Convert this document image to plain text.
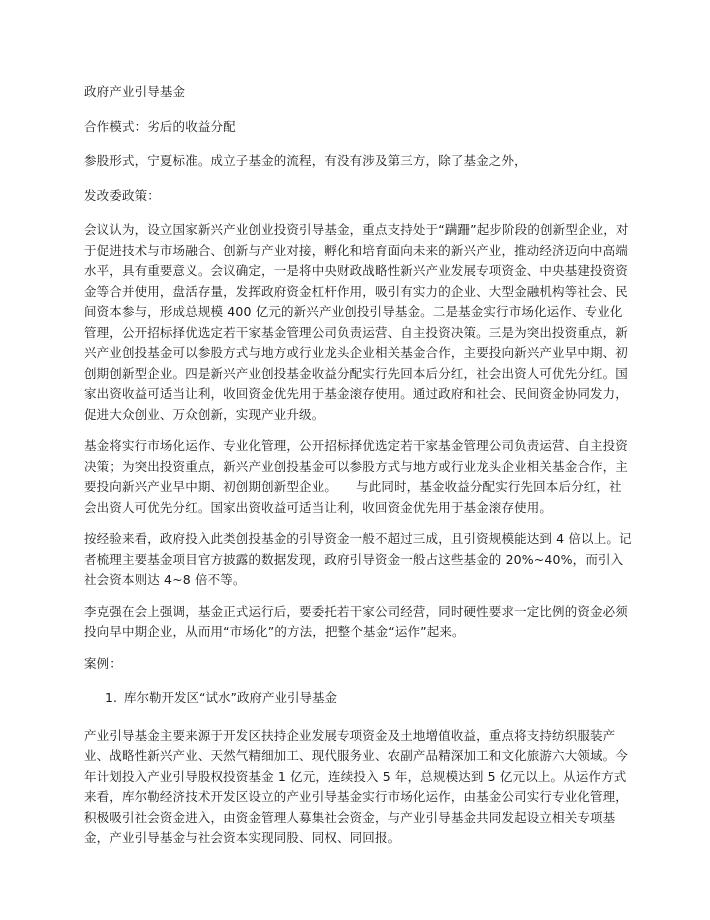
政府产业引导基金

合作模式：劣后的收益分配

参股形式，宁夏标准。成立子基金的流程，有没有涉及第三方，除了基金之外，

发改委政策：

会议认为，设立国家新兴产业创业投资引导基金，重点支持处于“蹒跚”起步阶段的创新型企业，对于促进技术与市场融合、创新与产业对接，孵化和培育面向未来的新兴产业，推动经济迈向中高端水平，具有重要意义。会议确定，一是将中央财政战略性新兴产业发展专项资金、中央基建投资资金等合并使用，盘活存量，发挥政府资金杠杆作用，吸引有实力的企业、大型金融机构等社会、民间资本参与，形成总规模 400 亿元的新兴产业创投引导基金。二是基金实行市场化运作、专业化管理，公开招标择优选定若干家基金管理公司负责运营、自主投资决策。三是为突出投资重点，新兴产业创投基金可以参股方式与地方或行业龙头企业相关基金合作，主要投向新兴产业早中期、初创期创新型企业。四是新兴产业创投基金收益分配实行先回本后分红，社会出资人可优先分红。国家出资收益可适当让利，收回资金优先用于基金滚存使用。通过政府和社会、民间资金协同发力，促进大众创业、万众创新，实现产业升级。

基金将实行市场化运作、专业化管理，公开招标择优选定若干家基金管理公司负责运营、自主投资决策；为突出投资重点，新兴产业创投基金可以参股方式与地方或行业龙头企业相关基金合作，主要投向新兴产业早中期、初创期创新型企业。　　与此同时，基金收益分配实行先回本后分红，社会出资人可优先分红。国家出资收益可适当让利，收回资金优先用于基金滚存使用。

按经验来看，政府投入此类创投基金的引导资金一般不超过三成，且引资规模能达到 4 倍以上。记者梳理主要基金项目官方披露的数据发现，政府引导资金一般占这些基金的 20%~40%，而引入社会资本则达 4~8 倍不等。

李克强在会上强调，基金正式运行后，要委托若干家公司经营，同时硬性要求一定比例的资金必须投向早中期企业，从而用“市场化”的方法，把整个基金“运作”起来。

案例：

1. 库尔勒开发区“试水”政府产业引导基金

产业引导基金主要来源于开发区扶持企业发展专项资金及土地增值收益，重点将支持纺织服装产业、战略性新兴产业、天然气精细加工、现代服务业、农副产品精深加工和文化旅游六大领域。今年计划投入产业引导股权投资基金 1 亿元，连续投入 5 年，总规模达到 5 亿元以上。从运作方式来看，库尔勒经济技术开发区设立的产业引导基金实行市场化运作，由基金公司实行专业化管理，积极吸引社会资金进入，由资金管理人募集社会资金，与产业引导基金共同发起设立相关专项基金，产业引导基金与社会资本实现同股、同权、同回报。
